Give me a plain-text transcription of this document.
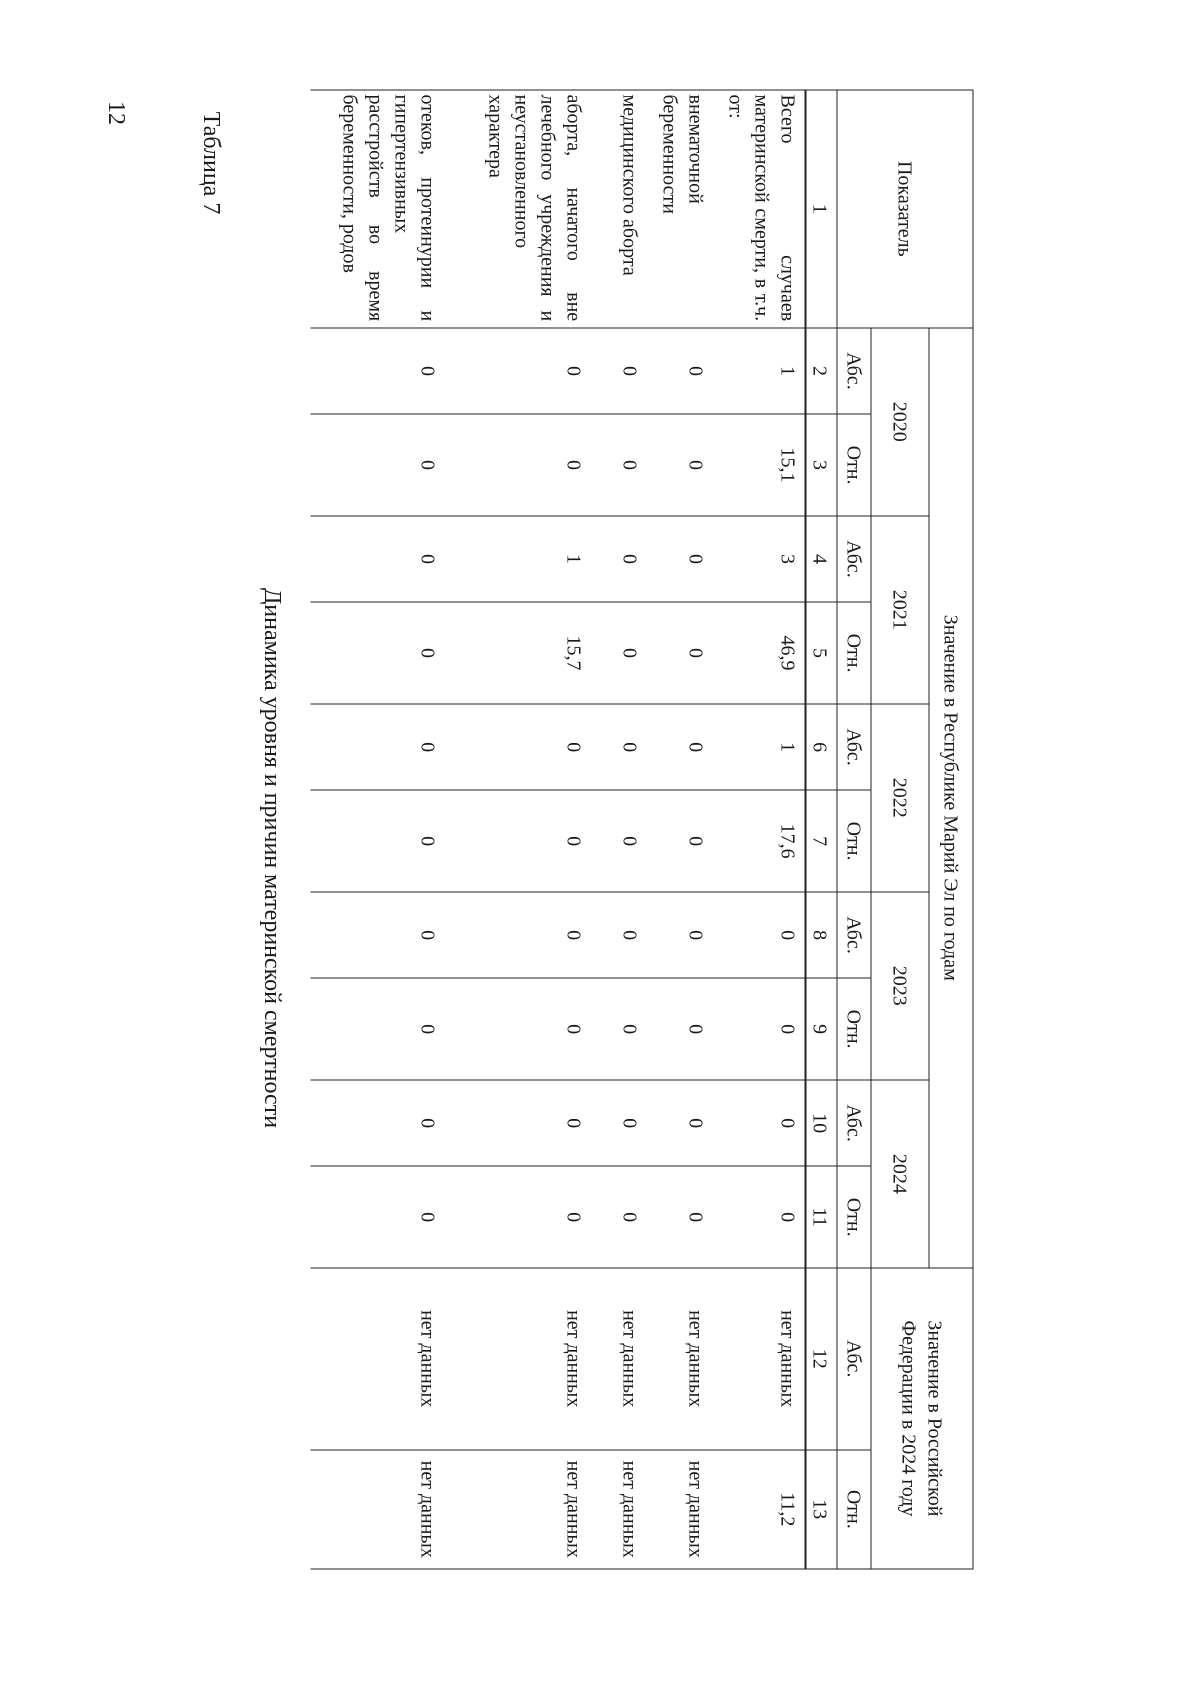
12	Таблица 7
Динамика уровня и причин материнской смертности
Показатель	Значение в Республике Марий Эл по годам										Значение в Российской Федерации в 2024 году	
	2020		2021		2022		2023		2024			
	Абс.	Отн.	Абс.	Отн.	Абс.	Отн.	Абс.	Отн.	Абс.	Отн.	Абс.	Отн.
1	2	3	4	5	6	7	8	9	10	11	12	13
Всего случаев материнской смерти, в т.ч. от:	1	15,1	3	46,9	1	17,6	0	0	0	0	нет данных	11,2
внематочной беременности	0	0	0	0	0	0	0	0	0	0	нет данных	нет данных
медицинского аборта	0	0	0	0	0	0	0	0	0	0	нет данных	нет данных
аборта, начатого вне лечебного учреждения и неустановленного характера	0	0	1	15,7	0	0	0	0	0	0	нет данных	нет данных
отеков, протеинурии и гипертензивных расстройств во время беременности, родов	0	0	0	0	0	0	0	0	0	0	нет данных	нет данных
